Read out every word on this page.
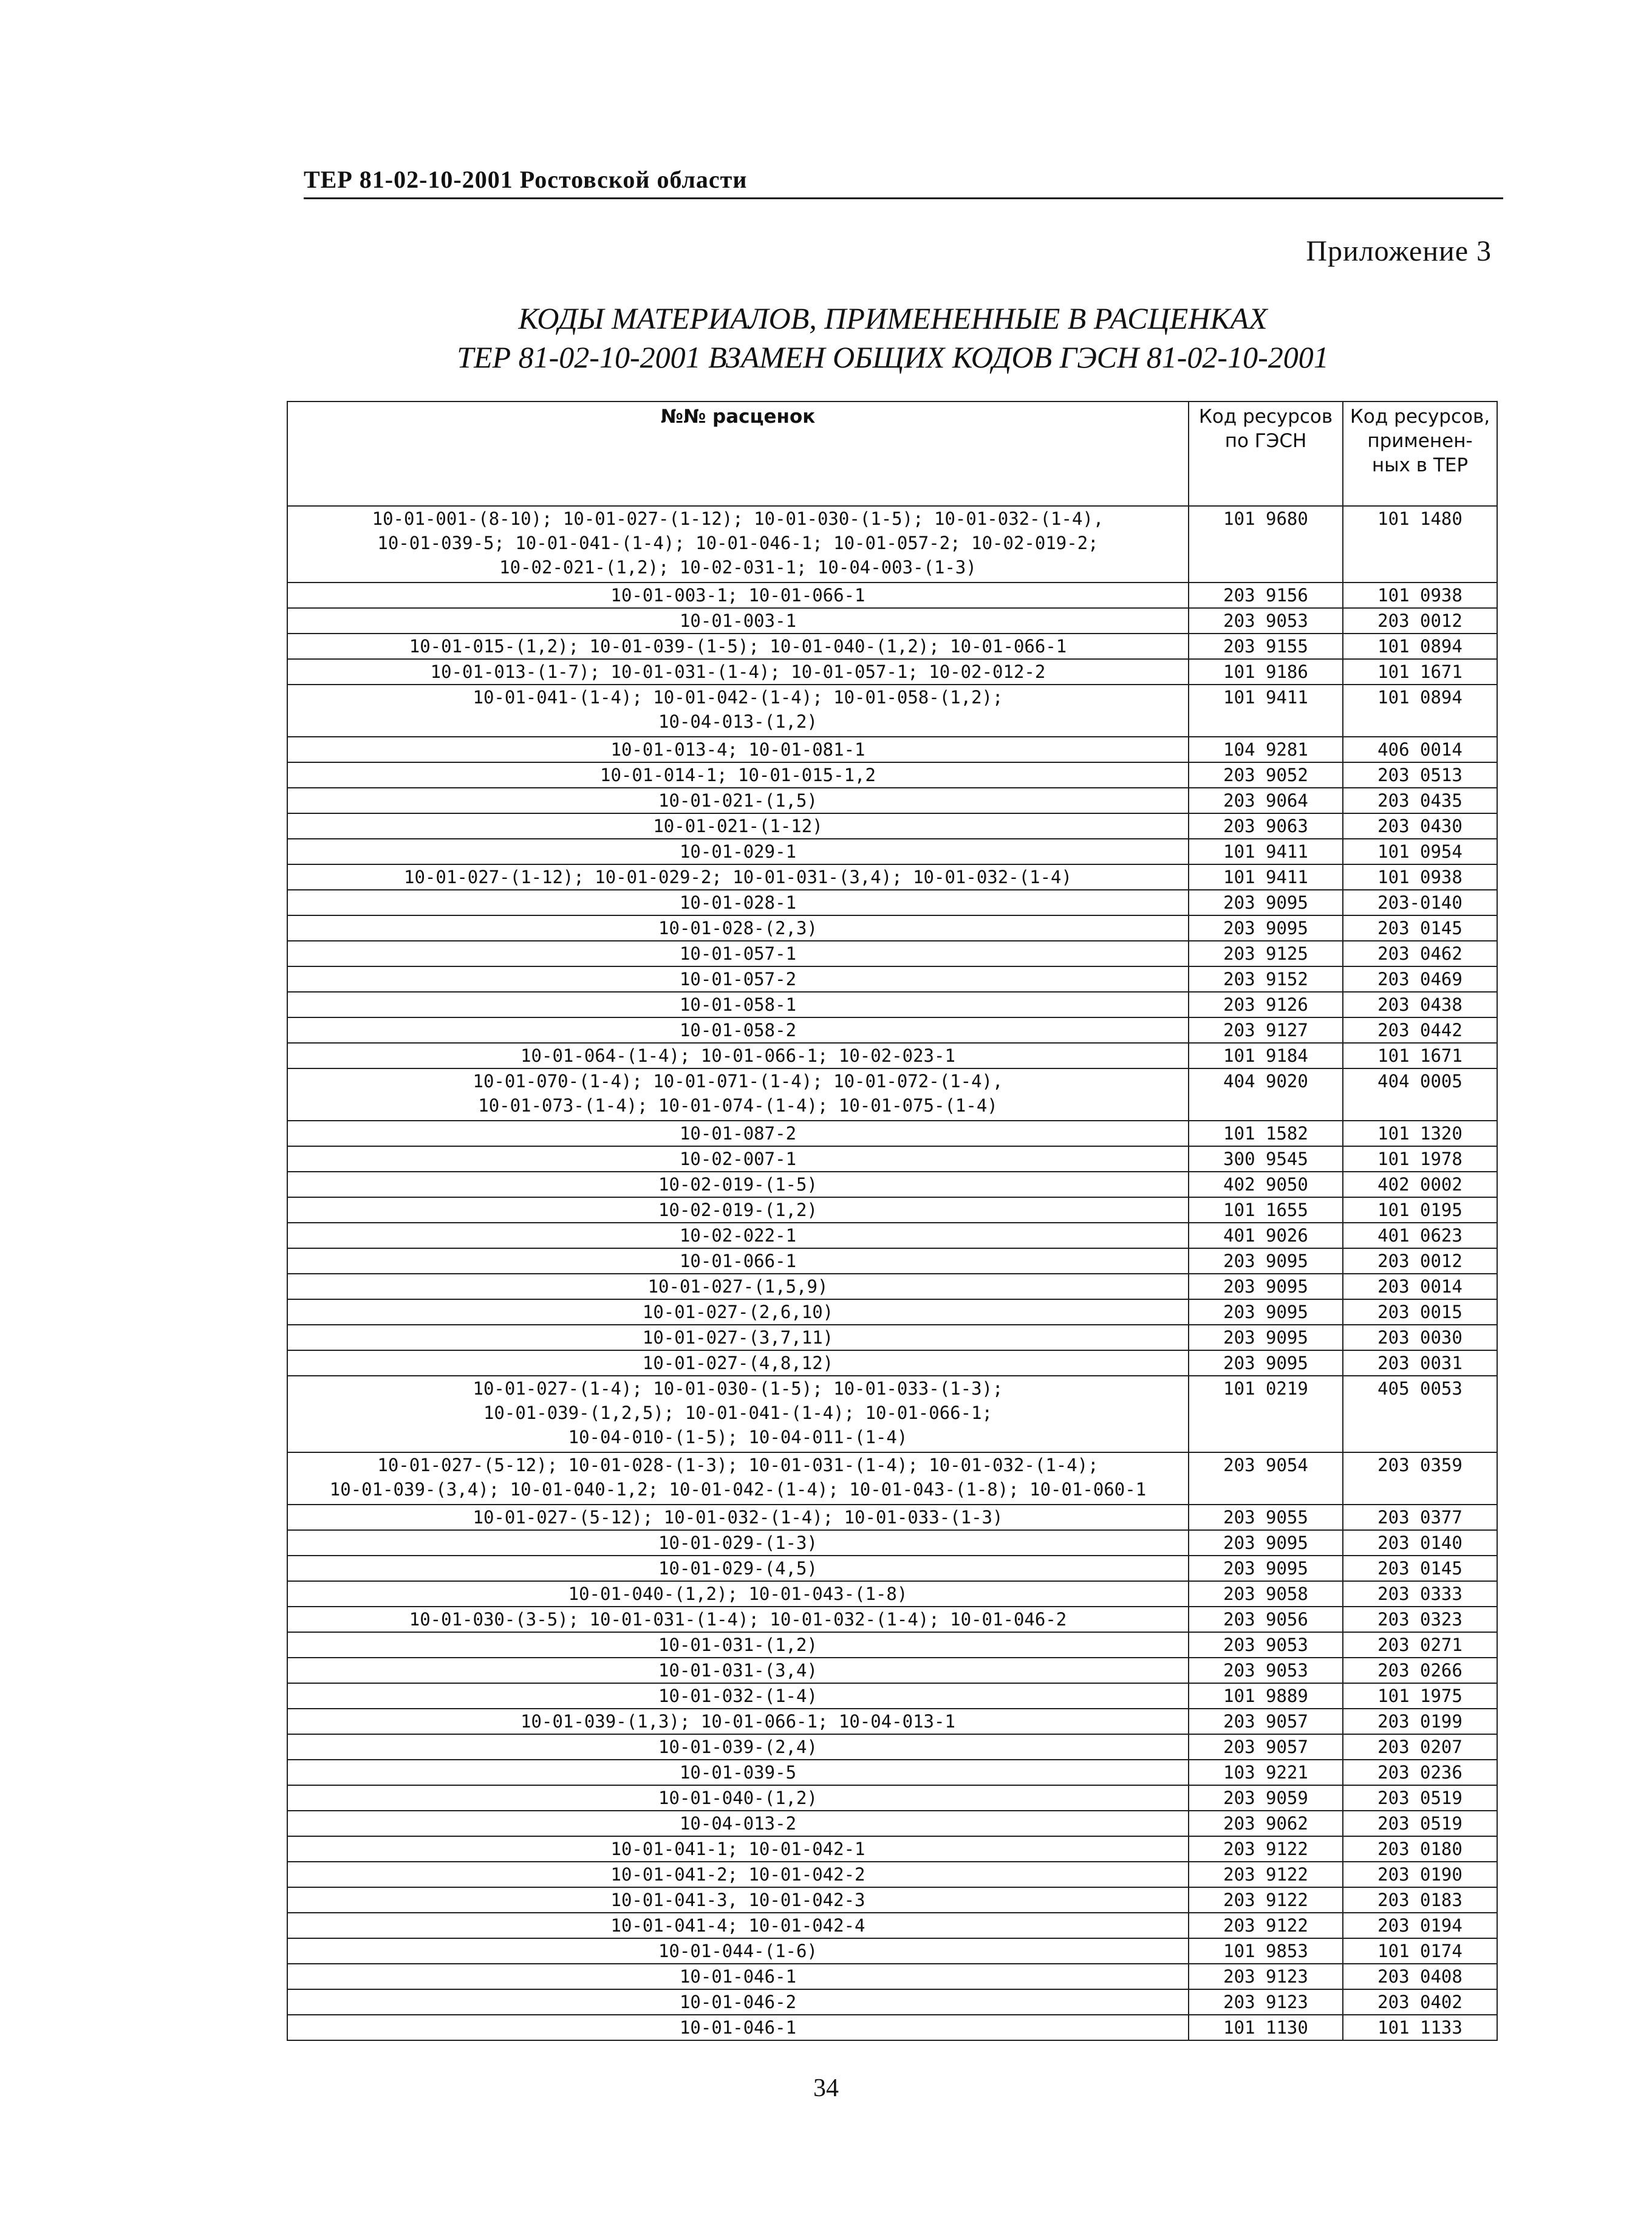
ТЕР 81-02-10-2001 Ростовской области
Приложение 3
КОДЫ МАТЕРИАЛОВ, ПРИМЕНЕННЫЕ В РАСЦЕНКАХ
ТЕР 81-02-10-2001 ВЗАМЕН ОБЩИХ КОДОВ ГЭСН 81-02-10-2001
№№ расценок	Код ресурсов по ГЭСН	Код ресурсов, применен-ных в ТЕР
10-01-001-(8-10); 10-01-027-(1-12); 10-01-030-(1-5); 10-01-032-(1-4),
10-01-039-5; 10-01-041-(1-4); 10-01-046-1; 10-01-057-2; 10-02-019-2;
10-02-021-(1,2); 10-02-031-1; 10-04-003-(1-3)	101 9680	101 1480
10-01-003-1; 10-01-066-1	203 9156	101 0938
10-01-003-1	203 9053	203 0012
10-01-015-(1,2); 10-01-039-(1-5); 10-01-040-(1,2); 10-01-066-1	203 9155	101 0894
10-01-013-(1-7); 10-01-031-(1-4); 10-01-057-1; 10-02-012-2	101 9186	101 1671
10-01-041-(1-4); 10-01-042-(1-4); 10-01-058-(1,2);
10-04-013-(1,2)	101 9411	101 0894
10-01-013-4; 10-01-081-1	104 9281	406 0014
10-01-014-1; 10-01-015-1,2	203 9052	203 0513
10-01-021-(1,5)	203 9064	203 0435
10-01-021-(1-12)	203 9063	203 0430
10-01-029-1	101 9411	101 0954
10-01-027-(1-12); 10-01-029-2; 10-01-031-(3,4); 10-01-032-(1-4)	101 9411	101 0938
10-01-028-1	203 9095	203-0140
10-01-028-(2,3)	203 9095	203 0145
10-01-057-1	203 9125	203 0462
10-01-057-2	203 9152	203 0469
10-01-058-1	203 9126	203 0438
10-01-058-2	203 9127	203 0442
10-01-064-(1-4); 10-01-066-1; 10-02-023-1	101 9184	101 1671
10-01-070-(1-4); 10-01-071-(1-4); 10-01-072-(1-4),
10-01-073-(1-4); 10-01-074-(1-4); 10-01-075-(1-4)	404 9020	404 0005
10-01-087-2	101 1582	101 1320
10-02-007-1	300 9545	101 1978
10-02-019-(1-5)	402 9050	402 0002
10-02-019-(1,2)	101 1655	101 0195
10-02-022-1	401 9026	401 0623
10-01-066-1	203 9095	203 0012
10-01-027-(1,5,9)	203 9095	203 0014
10-01-027-(2,6,10)	203 9095	203 0015
10-01-027-(3,7,11)	203 9095	203 0030
10-01-027-(4,8,12)	203 9095	203 0031
10-01-027-(1-4); 10-01-030-(1-5); 10-01-033-(1-3);
10-01-039-(1,2,5); 10-01-041-(1-4); 10-01-066-1;
10-04-010-(1-5); 10-04-011-(1-4)	101 0219	405 0053
10-01-027-(5-12); 10-01-028-(1-3); 10-01-031-(1-4); 10-01-032-(1-4);
10-01-039-(3,4); 10-01-040-1,2; 10-01-042-(1-4); 10-01-043-(1-8); 10-01-060-1	203 9054	203 0359
10-01-027-(5-12); 10-01-032-(1-4); 10-01-033-(1-3)	203 9055	203 0377
10-01-029-(1-3)	203 9095	203 0140
10-01-029-(4,5)	203 9095	203 0145
10-01-040-(1,2); 10-01-043-(1-8)	203 9058	203 0333
10-01-030-(3-5); 10-01-031-(1-4); 10-01-032-(1-4); 10-01-046-2	203 9056	203 0323
10-01-031-(1,2)	203 9053	203 0271
10-01-031-(3,4)	203 9053	203 0266
10-01-032-(1-4)	101 9889	101 1975
10-01-039-(1,3); 10-01-066-1; 10-04-013-1	203 9057	203 0199
10-01-039-(2,4)	203 9057	203 0207
10-01-039-5	103 9221	203 0236
10-01-040-(1,2)	203 9059	203 0519
10-04-013-2	203 9062	203 0519
10-01-041-1; 10-01-042-1	203 9122	203 0180
10-01-041-2; 10-01-042-2	203 9122	203 0190
10-01-041-3, 10-01-042-3	203 9122	203 0183
10-01-041-4; 10-01-042-4	203 9122	203 0194
10-01-044-(1-6)	101 9853	101 0174
10-01-046-1	203 9123	203 0408
10-01-046-2	203 9123	203 0402
10-01-046-1	101 1130	101 1133
34
